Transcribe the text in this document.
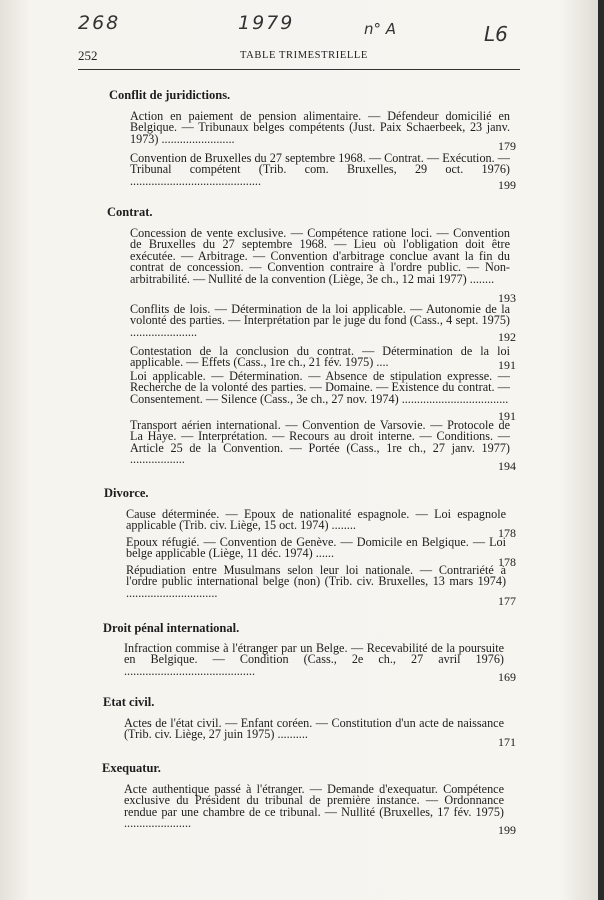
268	1979	n° A	L6
252	TABLE TRIMESTRIELLE
Conflit de juridictions.
Action en paiement de pension alimentaire. — Défendeur domicilié en Belgique. — Tribunaux belges compétents (Just. Paix Schaerbeek, 23 janv. 1973) ........................
179
Convention de Bruxelles du 27 septembre 1968. — Contrat. — Exécution. — Tribunal compétent (Trib. com. Bruxelles, 29 oct. 1976) ...........................................	199
Contrat.
Concession de vente exclusive. — Compétence ratione loci. — Convention de Bruxelles du 27 septembre 1968. — Lieu où l'obligation doit être exécutée. — Arbitrage. — Convention d'arbitrage conclue avant la fin du contrat de concession. — Convention contraire à l'ordre public. — Non-arbitrabilité. — Nullité de la convention (Liège, 3e ch., 12 mai 1977) ........
193
Conflits de lois. — Détermination de la loi applicable. — Autonomie de la volonté des parties. — Interprétation par le juge du fond (Cass., 4 sept. 1975) ......................	192
Contestation de la conclusion du contrat. — Détermination de la loi applicable. — Effets (Cass., 1re ch., 21 fév. 1975) ....	191
Loi applicable. — Détermination. — Absence de stipulation expresse. — Recherche de la volonté des parties. — Domaine. — Existence du contrat. — Consentement. — Silence (Cass., 3e ch., 27 nov. 1974) ...................................
191
Transport aérien international. — Convention de Varsovie. — Protocole de La Haye. — Interprétation. — Recours au droit interne. — Conditions. — Article 25 de la Convention. — Portée (Cass., 1re ch., 27 janv. 1977) ..................	194
Divorce.
Cause déterminée. — Epoux de nationalité espagnole. — Loi espagnole applicable (Trib. civ. Liège, 15 oct. 1974) ........
178
Epoux réfugié. — Convention de Genève. — Domicile en Belgique. — Loi belge applicable (Liège, 11 déc. 1974) ......
178
Répudiation entre Musulmans selon leur loi nationale. — Contrariété à l'ordre public international belge (non) (Trib. civ. Bruxelles, 13 mars 1974) ..............................
177
Droit pénal international.
Infraction commise à l'étranger par un Belge. — Recevabilité de la poursuite en Belgique. — Condition (Cass., 2e ch., 27 avril 1976) ...........................................	169
Etat civil.
Actes de l'état civil. — Enfant coréen. — Constitution d'un acte de naissance (Trib. civ. Liège, 27 juin 1975) ..........
171
Exequatur.
Acte authentique passé à l'étranger. — Demande d'exequatur. Compétence exclusive du Président du tribunal de première instance. — Ordonnance rendue par une chambre de ce tribunal. — Nullité (Bruxelles, 17 fév. 1975) ......................	199
